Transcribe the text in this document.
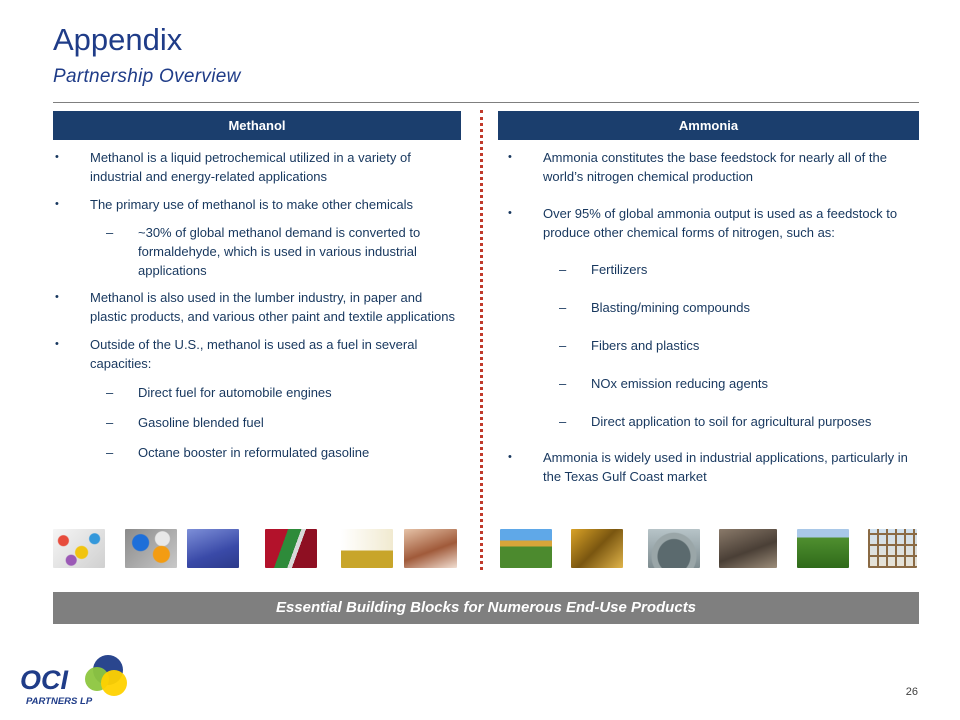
Appendix
Partnership Overview
Methanol
• Methanol is a liquid petrochemical utilized in a variety of industrial and energy-related applications
• The primary use of methanol is to make other chemicals
– ~30% of global methanol demand is converted to formaldehyde, which is used in various industrial applications
• Methanol is also used in the lumber industry, in paper and plastic products, and various other paint and textile applications
• Outside of the U.S., methanol is used as a fuel in several capacities:
– Direct fuel for automobile engines
– Gasoline blended fuel
– Octane booster in reformulated gasoline
Ammonia
• Ammonia constitutes the base feedstock for nearly all of the world’s nitrogen chemical production
• Over 95% of global ammonia output is used as a feedstock to produce other chemical forms of nitrogen, such as:
– Fertilizers
– Blasting/mining compounds
– Fibers and plastics
– NOx emission reducing agents
– Direct application to soil for agricultural purposes
• Ammonia is widely used in industrial applications, particularly in the Texas Gulf Coast market
Essential Building Blocks for Numerous End-Use Products
OCI
PARTNERS LP
26
